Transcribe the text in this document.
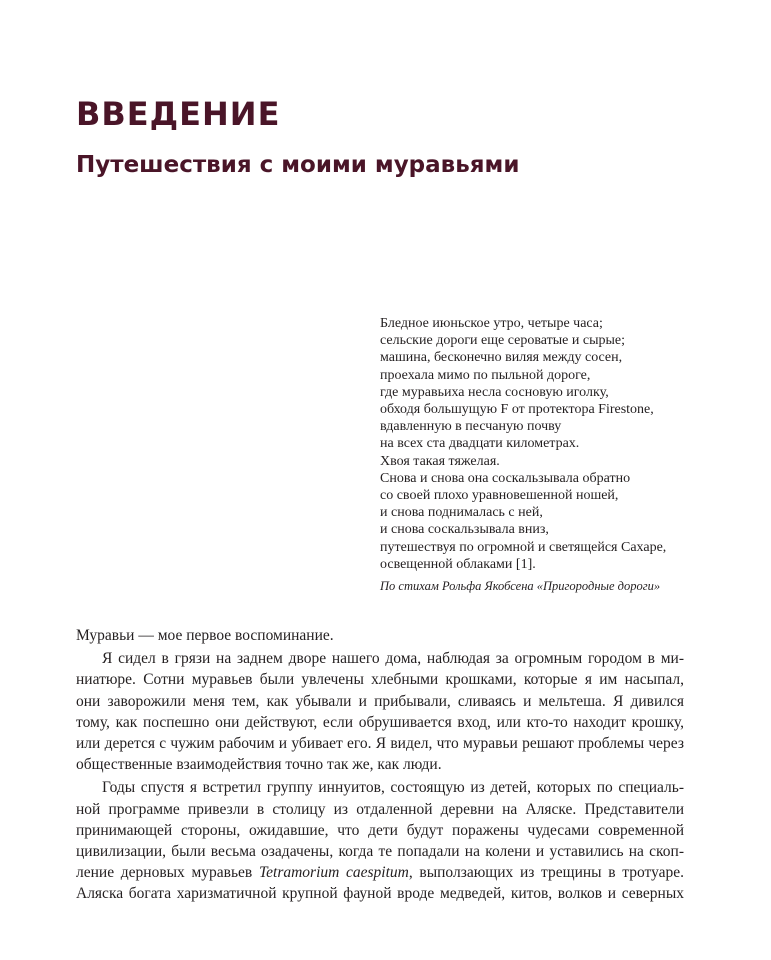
ВВЕДЕНИЕ
Путешествия с моими муравьями
Бледное июньское утро, четыре часа;
сельские дороги еще сероватые и сырые;
машина, бесконечно виляя между сосен,
проехала мимо по пыльной дороге,
где муравьиха несла сосновую иголку,
обходя большущую F от протектора Firestone,
вдавленную в песчаную почву
на всех ста двадцати километрах.
Хвоя такая тяжелая.
Снова и снова она соскальзывала обратно
со своей плохо уравновешенной ношей,
и снова поднималась с ней,
и снова соскальзывала вниз,
путешествуя по огромной и светящейся Сахаре,
освещенной облаками [1].
По стихам Рольфа Якобсена «Пригородные дороги»
Муравьи — мое первое воспоминание.
Я сидел в грязи на заднем дворе нашего дома, наблюдая за огромным городом в ми-
ниатюре. Сотни муравьев были увлечены хлебными крошками, которые я им насыпал,
они заворожили меня тем, как убывали и прибывали, сливаясь и мельтеша. Я дивился
тому, как поспешно они действуют, если обрушивается вход, или кто-то находит крошку,
или дерется с чужим рабочим и убивает его. Я видел, что муравьи решают проблемы через
общественные взаимодействия точно так же, как люди.
Годы спустя я встретил группу иннуитов, состоящую из детей, которых по специаль-
ной программе привезли в столицу из отдаленной деревни на Аляске. Представители
принимающей стороны, ожидавшие, что дети будут поражены чудесами современной
цивилизации, были весьма озадачены, когда те попадали на колени и уставились на скоп-
ление дерновых муравьев Tetramorium caespitum, выползающих из трещины в тротуаре.
Аляска богата харизматичной крупной фауной вроде медведей, китов, волков и северных
